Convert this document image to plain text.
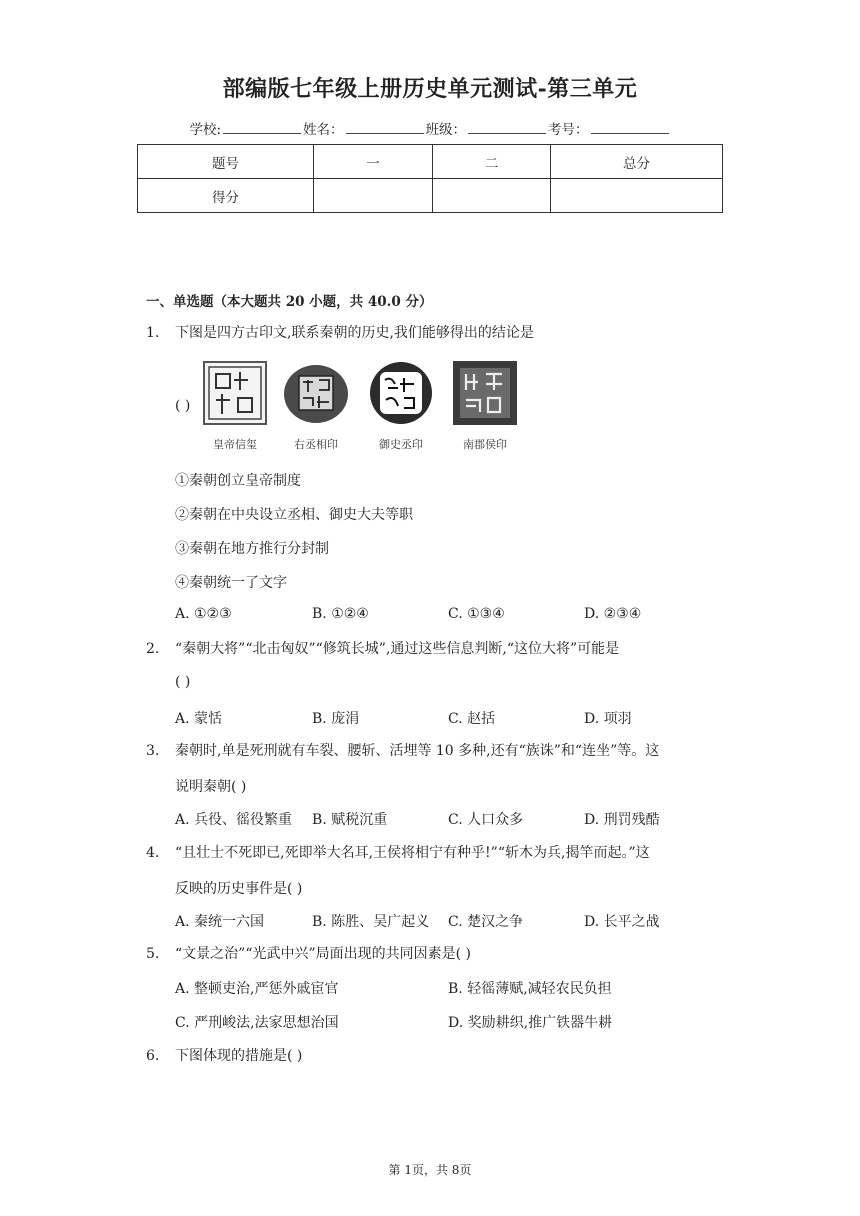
部编版七年级上册历史单元测试-第三单元
学校:	姓名：	班级：	考号：
题号	一	二	总分
得分			
一、单选题（本大题共 20 小题，共 40.0 分）
1. 下图是四方古印文,联系秦朝的历史,我们能够得出的结论是
( )
皇帝信玺	右丞相印	御史丞印	南郡侯印
①秦朝创立皇帝制度
②秦朝在中央设立丞相、御史大夫等职
③秦朝在地方推行分封制
④秦朝统一了文字
A. ①②③	B. ①②④	C. ①③④	D. ②③④
2. “秦朝大将”“北击匈奴”“修筑长城”,通过这些信息判断,“这位大将”可能是
( )
A. 蒙恬	B. 庞涓	C. 赵括	D. 项羽
3. 秦朝时,单是死刑就有车裂、腰斩、活埋等 10 多种,还有“族诛”和“连坐”等。这
说明秦朝( )
A. 兵役、徭役繁重 B. 赋税沉重	C. 人口众多	D. 刑罚残酷
4. “且壮士不死即已,死即举大名耳,王侯将相宁有种乎!”“斩木为兵,揭竿而起。”这
反映的历史事件是( )
A. 秦统一六国	B. 陈胜、吴广起义 C. 楚汉之争	D. 长平之战
5. “文景之治”“光武中兴”局面出现的共同因素是( )
A. 整顿吏治,严惩外戚宦官	B. 轻徭薄赋,减轻农民负担
C. 严刑峻法,法家思想治国	D. 奖励耕织,推广铁器牛耕
6. 下图体现的措施是( )
第 1页，共 8页
